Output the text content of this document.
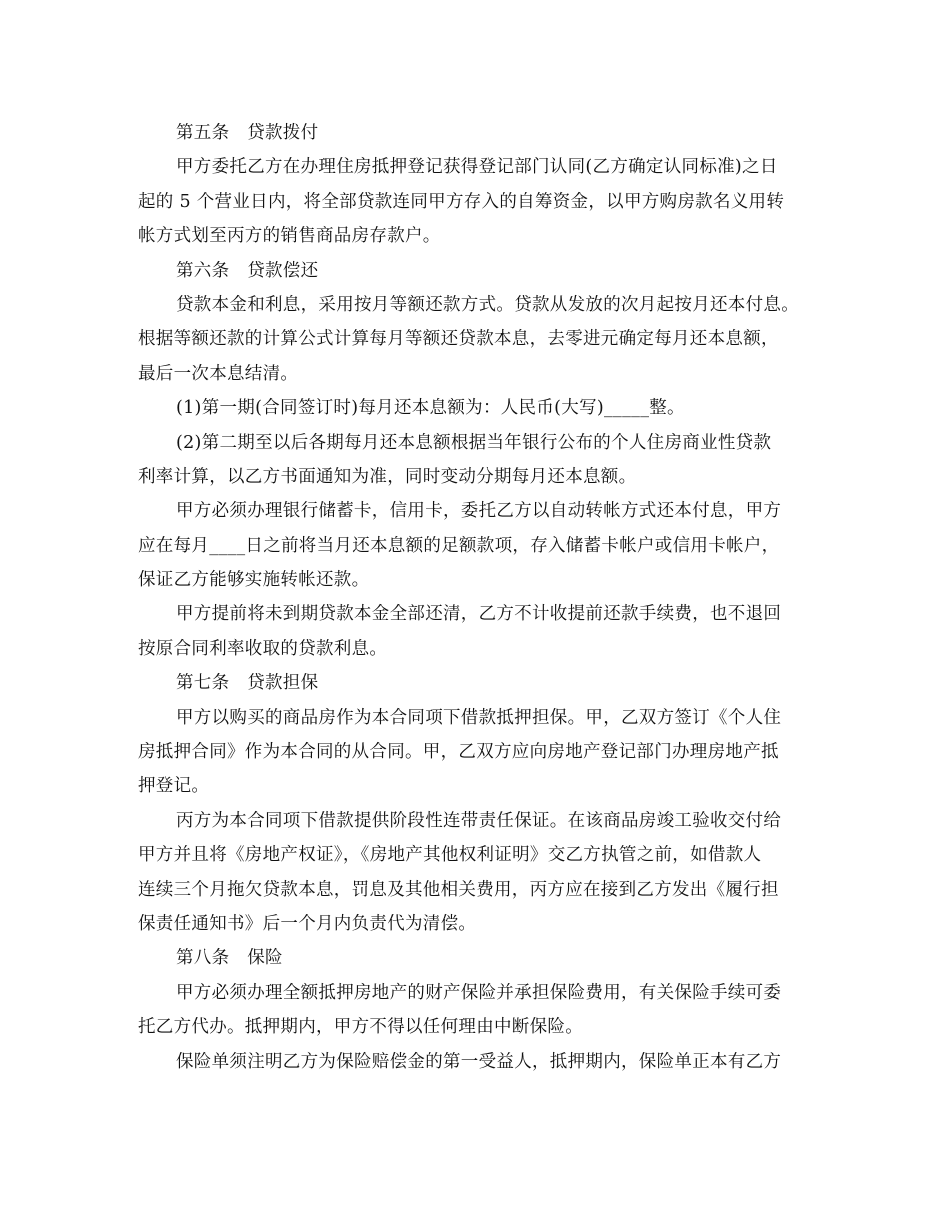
第五条　贷款拨付
甲方委托乙方在办理住房抵押登记获得登记部门认同(乙方确定认同标准)之日
起的 5 个营业日内，将全部贷款连同甲方存入的自筹资金，以甲方购房款名义用转
帐方式划至丙方的销售商品房存款户。
第六条　贷款偿还
贷款本金和利息，采用按月等额还款方式。贷款从发放的次月起按月还本付息。
根据等额还款的计算公式计算每月等额还贷款本息，去零进元确定每月还本息额，
最后一次本息结清。
(1)第一期(合同签订时)每月还本息额为：人民币(大写)_____整。
(2)第二期至以后各期每月还本息额根据当年银行公布的个人住房商业性贷款
利率计算，以乙方书面通知为准，同时变动分期每月还本息额。
甲方必须办理银行储蓄卡，信用卡，委托乙方以自动转帐方式还本付息，甲方
应在每月____日之前将当月还本息额的足额款项，存入储蓄卡帐户或信用卡帐户，
保证乙方能够实施转帐还款。
甲方提前将未到期贷款本金全部还清，乙方不计收提前还款手续费，也不退回
按原合同利率收取的贷款利息。
第七条　贷款担保
甲方以购买的商品房作为本合同项下借款抵押担保。甲，乙双方签订《个人住
房抵押合同》作为本合同的从合同。甲，乙双方应向房地产登记部门办理房地产抵
押登记。
丙方为本合同项下借款提供阶段性连带责任保证。在该商品房竣工验收交付给
甲方并且将《房地产权证》，《房地产其他权利证明》交乙方执管之前，如借款人
连续三个月拖欠贷款本息，罚息及其他相关费用，丙方应在接到乙方发出《履行担
保责任通知书》后一个月内负责代为清偿。
第八条　保险
甲方必须办理全额抵押房地产的财产保险并承担保险费用，有关保险手续可委
托乙方代办。抵押期内，甲方不得以任何理由中断保险。
保险单须注明乙方为保险赔偿金的第一受益人，抵押期内，保险单正本有乙方
